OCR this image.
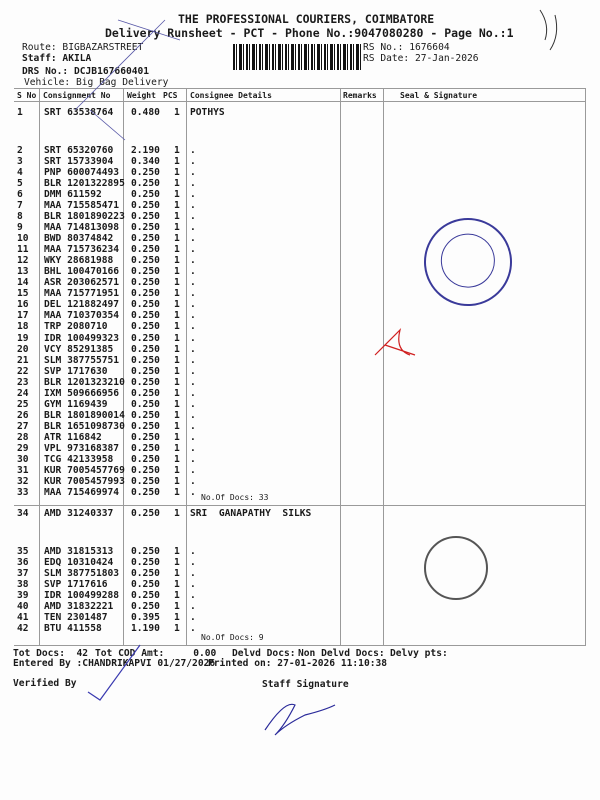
THE PROFESSIONAL COURIERS, COIMBATORE
Delivery Runsheet - PCT - Phone No.:9047080280 - Page No.:1
Route: BIGBAZARSTREET
Staff: AKILA
DRS No.: DCJB167660401
Vehicle: Big Bag Delivery
RS No.: 1676604
RS Date: 27-Jan-2026
S No Consignment No Weight PCS Consignee Details	Remarks	Seal & Signature
1 SRT 63538764 0.480 1 POTHYS
2 SRT 65320760 2.190 1 .
3 SRT 15733904 0.340 1 .
4 PNP 600074493 0.250 1 .
5 BLR 1201322895 0.250 1 .
6 DMM 611592	0.250 1 .
7 MAA 715585471 0.250 1 .
8 BLR 1801890223 0.250 1 .
9 MAA 714813098 0.250 1 .
10 BWD 80374842 0.250 1 .
11 MAA 715736234 0.250 1 .
12 WKY 28681988 0.250 1 .
13 BHL 100470166 0.250 1 .
14 ASR 203062571 0.250 1 .
15 MAA 715771951 0.250 1 .
16 DEL 121882497 0.250 1 .
17 MAA 710370354 0.250 1 .
18 TRP 2080710 0.250 1 .
19 IDR 100499323 0.250 1 .
20 VCY 85291385 0.250 1 .
21 SLM 387755751 0.250 1 .
22 SVP 1717630 0.250 1 .
23 BLR 1201323210 0.250 1 .
24 IXM 509666956 0.250 1 .
25 GYM 1169439 0.250 1 .
26 BLR 1801890014 0.250 1 .
27 BLR 1651098730 0.250 1 .
28 ATR 116842	0.250 1 .
29 VPL 973168387 0.250 1 .
30 TCG 42133958 0.250 1 .
31 KUR 7005457769 0.250 1 .
32 KUR 7005457993 0.250 1 .
33 MAA 715469974 0.250 1 . No.Of Docs: 33
34 AMD 31240337 0.250 1 SRI  GANAPATHY  SILKS
35 AMD 31815313 0.250 1 .
36 EDQ 10310424 0.250 1 .
37 SLM 387751803 0.250 1 .
38 SVP 1717616 0.250 1 .
39 IDR 100499288 0.250 1 .
40 AMD 31832221 0.250 1 .
41 TEN 2301487 0.395 1 .
42 BTU 411558	1.190 1 .
No.Of Docs: 9
Tot Docs:  42 Tot COD Amt:     0.00 Delvd Docs: Non Delvd Docs: Delvy pts:
Entered By :CHANDRIKAPVI 01/27/2026
Printed on: 27-01-2026 11:10:38
Verified By	Staff Signature
